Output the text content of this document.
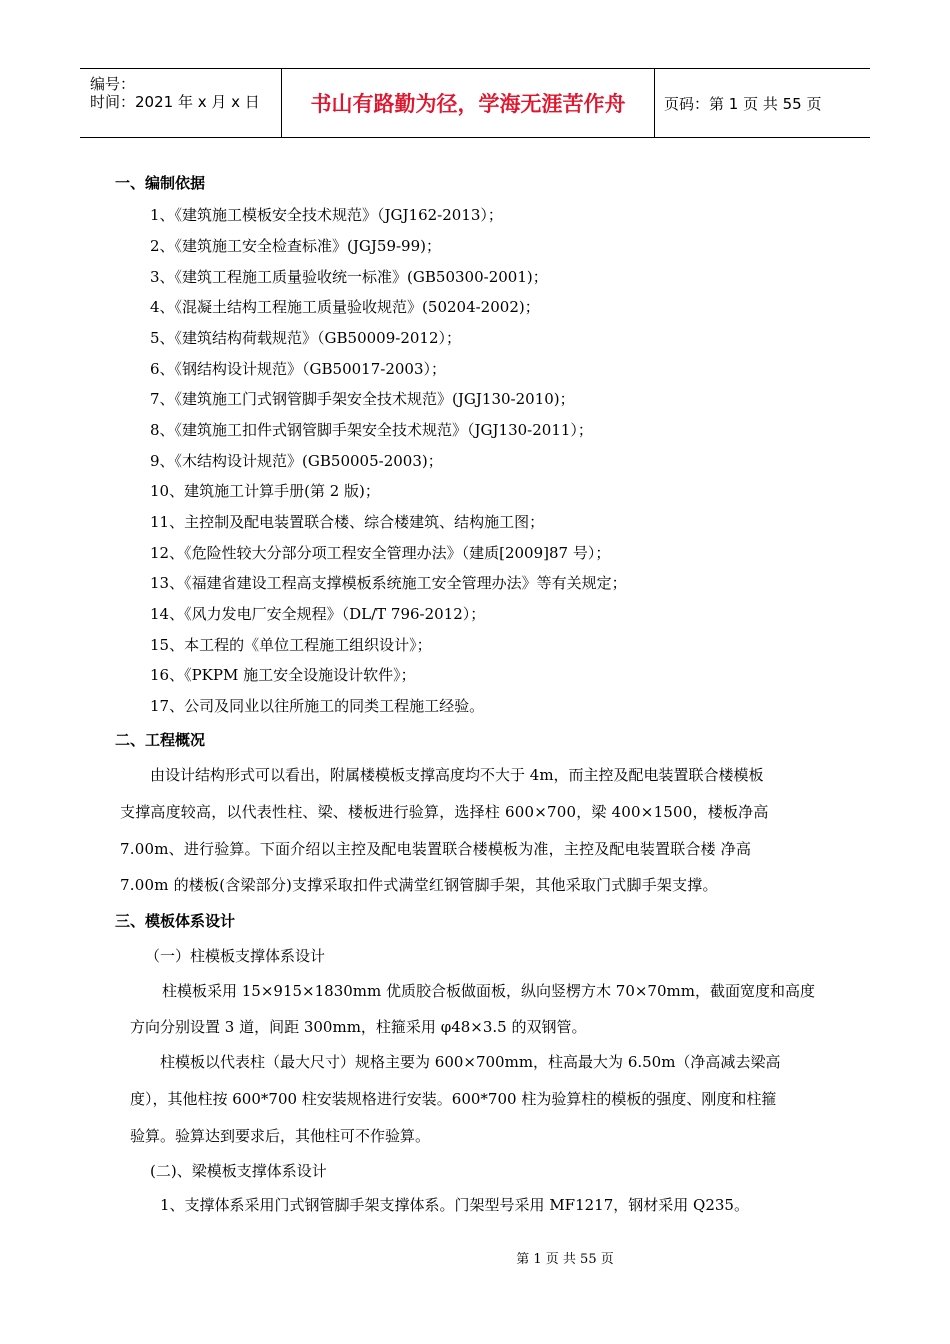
编号：
时间：2021 年 x 月 x 日	书山有路勤为径，学海无涯苦作舟	页码：第 1 页 共 55 页
一、编制依据
1、《建筑施工模板安全技术规范》（JGJ162-2013）；
2、《建筑施工安全检查标准》(JGJ59-99)；
3、《建筑工程施工质量验收统一标准》(GB50300-2001)；
4、《混凝土结构工程施工质量验收规范》(50204-2002)；
5、《建筑结构荷载规范》（GB50009-2012）；
6、《钢结构设计规范》（GB50017-2003）；
7、《建筑施工门式钢管脚手架安全技术规范》(JGJ130-2010)；
8、《建筑施工扣件式钢管脚手架安全技术规范》（JGJ130-2011）；
9、《木结构设计规范》(GB50005-2003)；
10、建筑施工计算手册(第 2 版)；
11、主控制及配电装置联合楼、综合楼建筑、结构施工图；
12、《危险性较大分部分项工程安全管理办法》（建质[2009]87 号）；
13、《福建省建设工程高支撑模板系统施工安全管理办法》等有关规定；
14、《风力发电厂安全规程》（DL/T 796-2012）；
15、本工程的《单位工程施工组织设计》；
16、《PKPM 施工安全设施设计软件》；
17、公司及同业以往所施工的同类工程施工经验。
二、工程概况
由设计结构形式可以看出，附属楼模板支撑高度均不大于 4m，而主控及配电装置联合楼模板
支撑高度较高，以代表性柱、梁、楼板进行验算，选择柱 600×700，梁 400×1500，楼板净高
7.00m、进行验算。下面介绍以主控及配电装置联合楼模板为准，主控及配电装置联合楼 净高
7.00m 的楼板(含梁部分)支撑采取扣件式满堂红钢管脚手架，其他采取门式脚手架支撑。
三、模板体系设计
（一）柱模板支撑体系设计
柱模板采用 15×915×1830mm 优质胶合板做面板，纵向竖楞方木 70×70mm，截面宽度和高度
方向分别设置 3 道，间距 300mm，柱箍采用 φ48×3.5 的双钢管。
柱模板以代表柱（最大尺寸）规格主要为 600×700mm，柱高最大为 6.50m（净高减去梁高
度），其他柱按 600*700 柱安装规格进行安装。600*700 柱为验算柱的模板的强度、刚度和柱箍
验算。验算达到要求后，其他柱可不作验算。
(二)、梁模板支撑体系设计
1、支撑体系采用门式钢管脚手架支撑体系。门架型号采用 MF1217，钢材采用 Q235。
第 1 页 共 55 页
